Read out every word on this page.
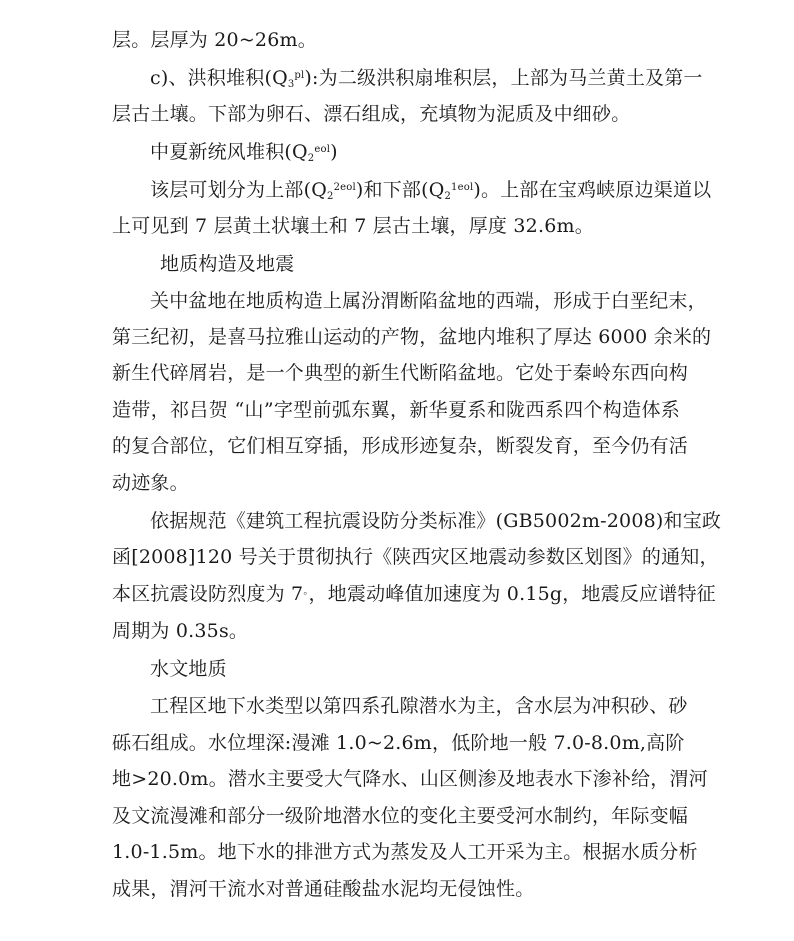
层。层厚为 20~26m。
c)、洪积堆积$(Q_3^{pl})$:为二级洪积扇堆积层，上部为马兰黄土及第一
层古土壤。下部为卵石、漂石组成，充填物为泥质及中细砂。
中夏新统风堆积$(Q_2^{eol})$
该层可划分为上部$(Q_2^{2eol})$和下部$(Q_2^{1eol})$。上部在宝鸡峡原边渠道以
上可见到 7 层黄土状壤土和 7 层古土壤，厚度 32.6m。
地质构造及地震
关中盆地在地质构造上属汾渭断陷盆地的西端，形成于白垩纪末，
第三纪初，是喜马拉雅山运动的产物，盆地内堆积了厚达 6000 余米的
新生代碎屑岩，是一个典型的新生代断陷盆地。它处于秦岭东西向构
造带，祁吕贺 “山”字型前弧东翼，新华夏系和陇西系四个构造体系
的复合部位，它们相互穿插，形成形迹复杂，断裂发育，至今仍有活
动迹象。
依据规范《建筑工程抗震设防分类标准》(GB5002m-2008)和宝政
函[2008]120 号关于贯彻执行《陕西灾区地震动参数区划图》的通知，
本区抗震设防烈度为 7。，地震动峰值加速度为 0.15g，地震反应谱特征
周期为 0.35s。
水文地质
工程区地下水类型以第四系孔隙潜水为主，含水层为冲积砂、砂
砾石组成。水位埋深:漫滩 1.0~2.6m，低阶地一般 7.0-8.0m,高阶
地>20.0m。潜水主要受大气降水、山区侧渗及地表水下渗补给，渭河
及文流漫滩和部分一级阶地潜水位的变化主要受河水制约，年际变幅
1.0-1.5m。地下水的排泄方式为蒸发及人工开采为主。根据水质分析
成果，渭河干流水对普通硅酸盐水泥均无侵蚀性。
